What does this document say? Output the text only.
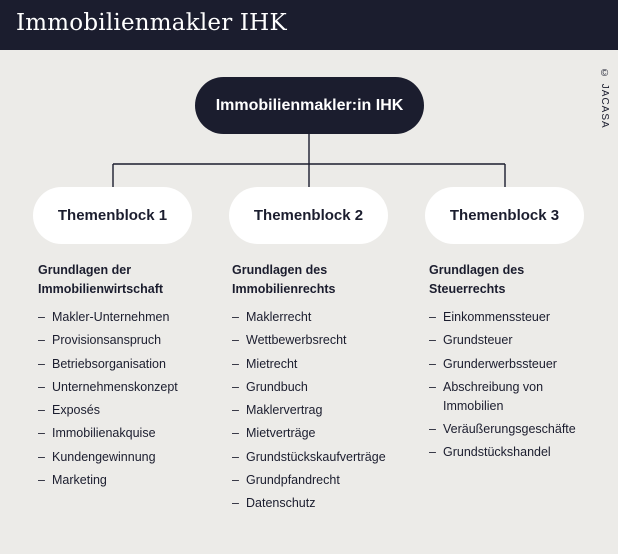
Immobilienmakler IHK
© JACASA
Immobilienmakler:in IHK
Themenblock 1	Themenblock 2	Themenblock 3
Grundlagen der
Immobilienwirtschaft
– Makler-Unternehmen
– Provisionsanspruch
– Betriebsorganisation
– Unternehmenskonzept
– Exposés
– Immobilienakquise
– Kundengewinnung
– Marketing
Grundlagen des
Immobilienrechts
– Maklerrecht
– Wettbewerbsrecht
– Mietrecht
– Grundbuch
– Maklervertrag
– Mietverträge
– Grundstückskaufverträge
– Grundpfandrecht
– Datenschutz
Grundlagen des
Steuerrechts
– Einkommenssteuer
– Grundsteuer
– Grunderwerbssteuer
– Abschreibung von
Immobilien
– Veräußerungsgeschäfte
– Grundstückshandel
